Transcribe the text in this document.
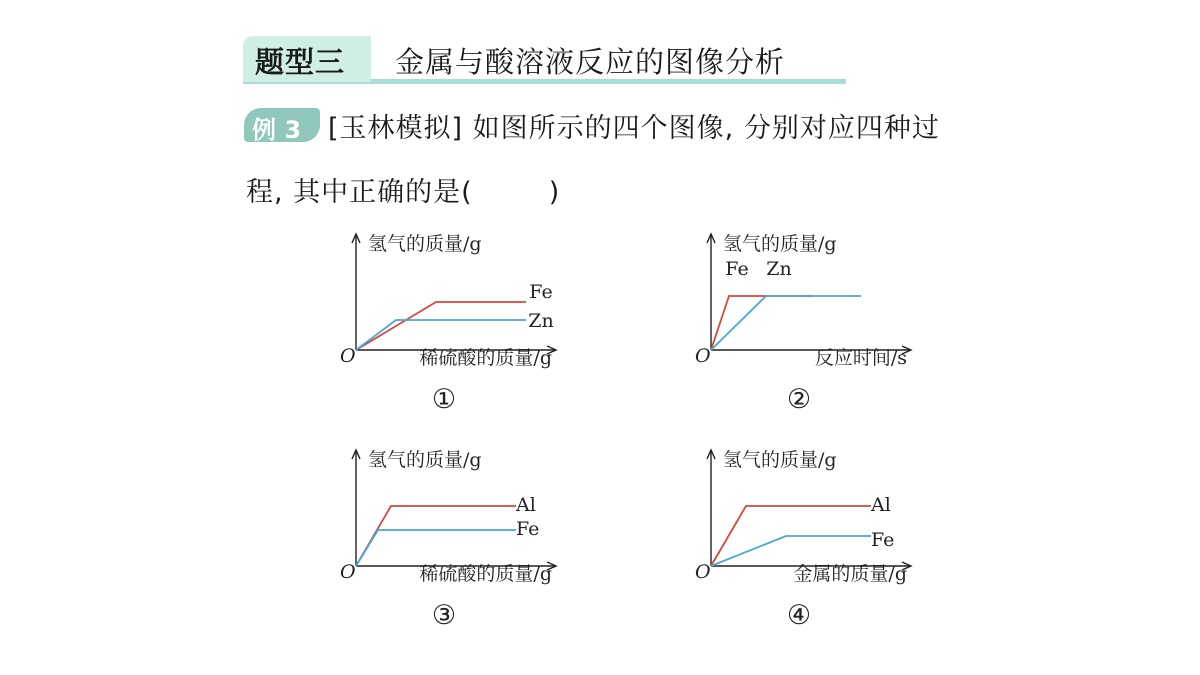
题型三 金属与酸溶液反应的图像分析
例 3 [玉林模拟] 如图所示的四个图像, 分别对应四种过
程, 其中正确的是(	)
O
氢气的质量/g
稀硫酸的质量/g
Fe
Zn
①
O
氢气的质量/g
反应时间/s
Fe Zn
②
O
氢气的质量/g
稀硫酸的质量/g
Al
Fe
③
O
氢气的质量/g
金属的质量/g
Al
Fe
④
